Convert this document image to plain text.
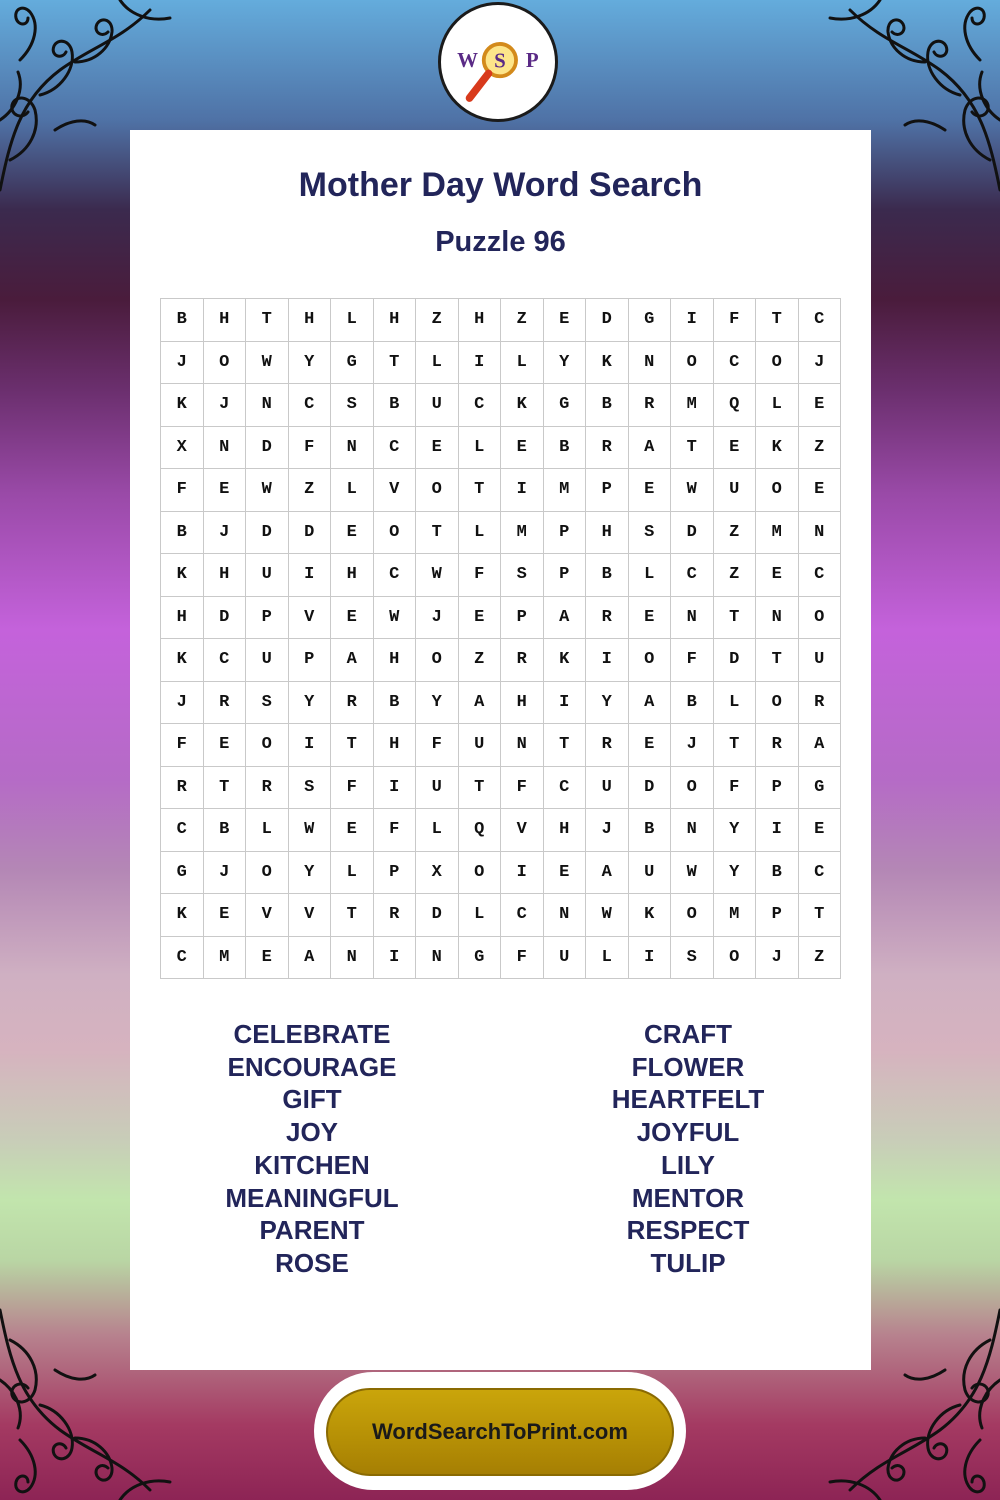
W S P
Mother Day Word Search
Puzzle 96
B	H	T	H	L	H	Z	H	Z	E	D	G	I	F	T	C
J	O	W	Y	G	T	L	I	L	Y	K	N	O	C	O	J
K	J	N	C	S	B	U	C	K	G	B	R	M	Q	L	E
X	N	D	F	N	C	E	L	E	B	R	A	T	E	K	Z
F	E	W	Z	L	V	O	T	I	M	P	E	W	U	O	E
B	J	D	D	E	O	T	L	M	P	H	S	D	Z	M	N
K	H	U	I	H	C	W	F	S	P	B	L	C	Z	E	C
H	D	P	V	E	W	J	E	P	A	R	E	N	T	N	O
K	C	U	P	A	H	O	Z	R	K	I	O	F	D	T	U
J	R	S	Y	R	B	Y	A	H	I	Y	A	B	L	O	R
F	E	O	I	T	H	F	U	N	T	R	E	J	T	R	A
R	T	R	S	F	I	U	T	F	C	U	D	O	F	P	G
C	B	L	W	E	F	L	Q	V	H	J	B	N	Y	I	E
G	J	O	Y	L	P	X	O	I	E	A	U	W	Y	B	C
K	E	V	V	T	R	D	L	C	N	W	K	O	M	P	T
C	M	E	A	N	I	N	G	F	U	L	I	S	O	J	Z
CELEBRATE
ENCOURAGE
GIFT
JOY
KITCHEN
MEANINGFUL
PARENT
ROSE
CRAFT
FLOWER
HEARTFELT
JOYFUL
LILY
MENTOR
RESPECT
TULIP
WordSearchToPrint.com
